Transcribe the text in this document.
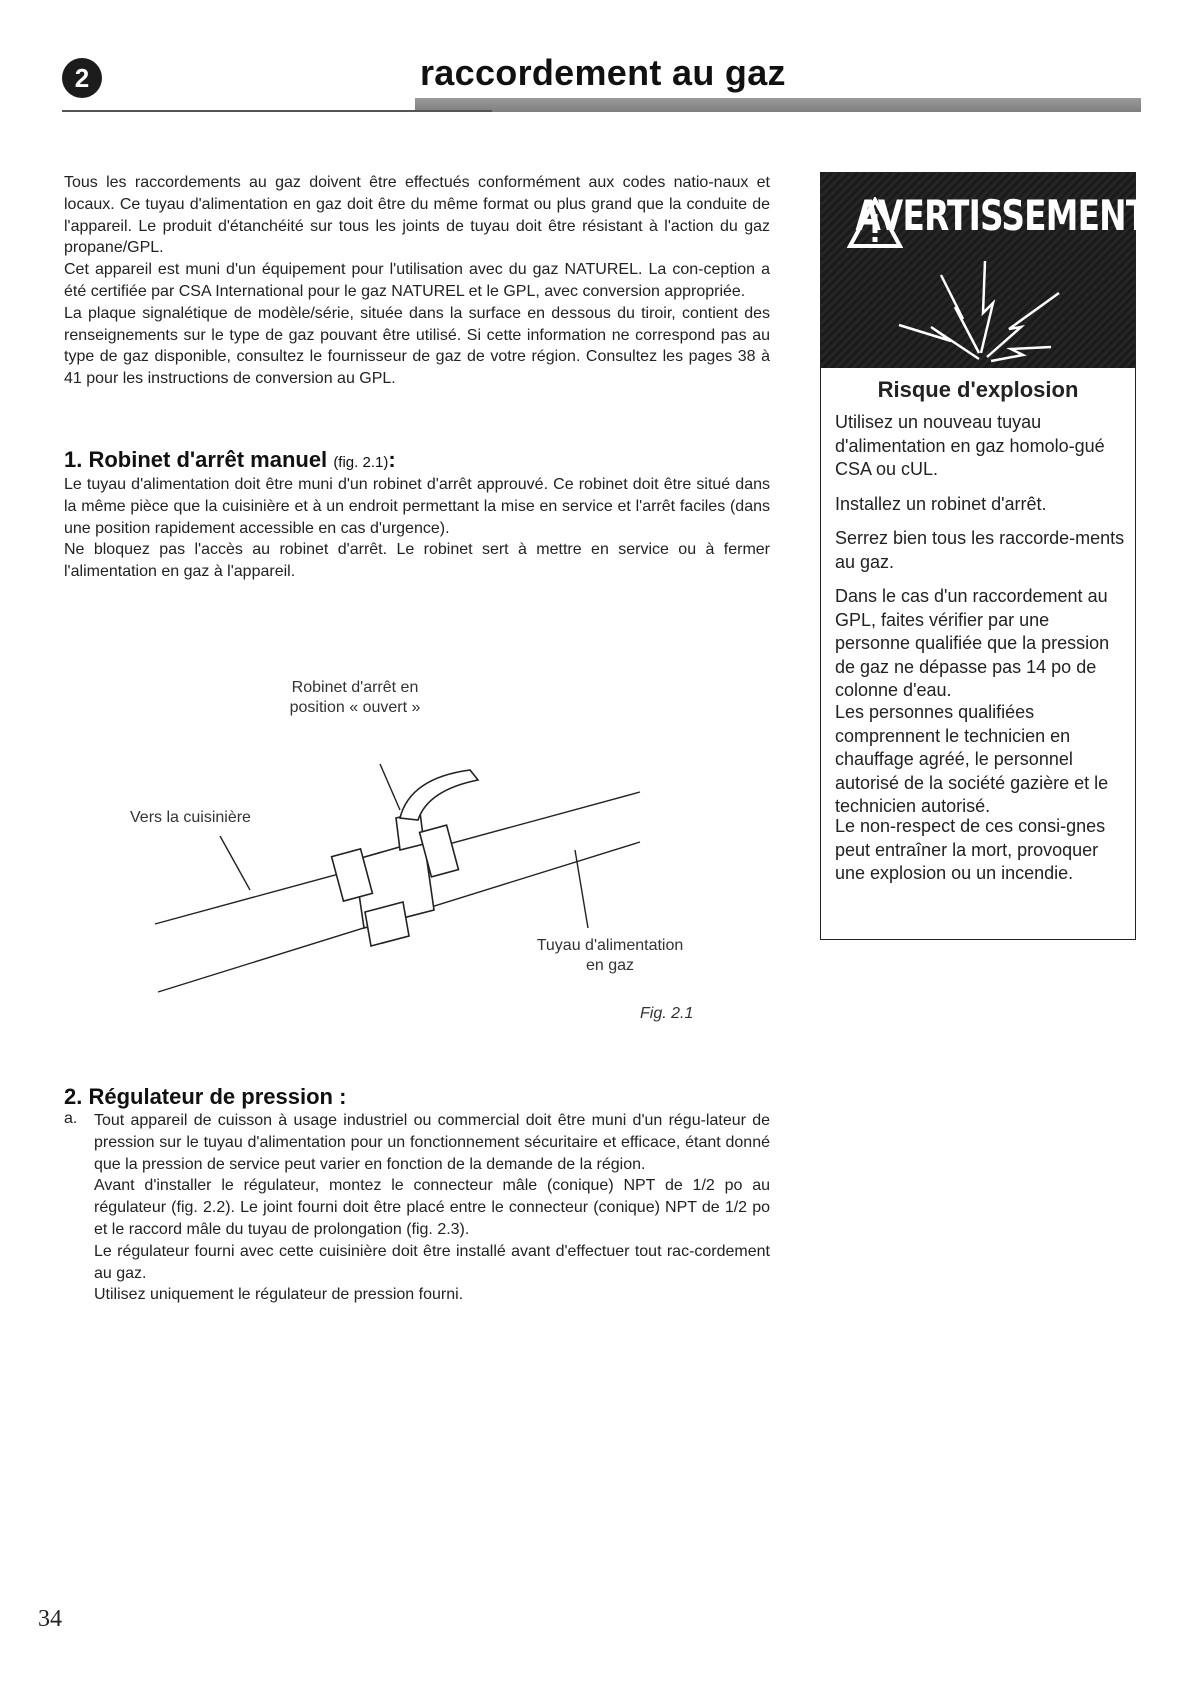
2	raccordement au gaz

Tous les raccordements au gaz doivent être effectués conformément aux codes natio-naux et locaux. Ce tuyau d'alimentation en gaz doit être du même format ou plus grand que la conduite de l'appareil. Le produit d'étanchéité sur tous les joints de tuyau doit être résistant à l'action du gaz propane/GPL.

Cet appareil est muni d'un équipement pour l'utilisation avec du gaz NATUREL. La con-ception a été certifiée par CSA International pour le gaz NATUREL et le GPL, avec conversion appropriée.

La plaque signalétique de modèle/série, située dans la surface en dessous du tiroir, contient des renseignements sur le type de gaz pouvant être utilisé. Si cette information ne correspond pas au type de gaz disponible, consultez le fournisseur de gaz de votre région. Consultez les pages 38 à 41 pour les instructions de conversion au GPL.

1. Robinet d'arrêt manuel (fig. 2.1):

Le tuyau d'alimentation doit être muni d'un robinet d'arrêt approuvé. Ce robinet doit être situé dans la même pièce que la cuisinière et à un endroit permettant la mise en service et l'arrêt faciles (dans une position rapidement accessible en cas d'urgence).

Ne bloquez pas l'accès au robinet d'arrêt. Le robinet sert à mettre en service ou à fermer l'alimentation en gaz à l'appareil.

AVERTISSEMENT
Risque d'explosion
Utilisez un nouveau tuyau d'alimentation en gaz homolo-gué CSA ou cUL.
Installez un robinet d'arrêt.
Serrez bien tous les raccorde-ments au gaz.
Dans le cas d'un raccordement au GPL, faites vérifier par une personne qualifiée que la pression de gaz ne dépasse pas 14 po de colonne d'eau.
Les personnes qualifiées comprennent le technicien en chauffage agréé, le personnel autorisé de la société gazière et le technicien autorisé.
Le non-respect de ces consi-gnes peut entraîner la mort, provoquer une explosion ou un incendie.
Robinet d'arrêt en
position « ouvert »
Vers la cuisinière
Tuyau d'alimentation
en gaz
Fig. 2.1
2. Régulateur de pression :
a. Tout appareil de cuisson à usage industriel ou commercial doit être muni d'un régu-lateur de pression sur le tuyau d'alimentation pour un fonctionnement sécuritaire et efficace, étant donné que la pression de service peut varier en fonction de la demande de la région.

Avant d'installer le régulateur, montez le connecteur mâle (conique) NPT de 1/2 po au régulateur (fig. 2.2). Le joint fourni doit être placé entre le connecteur (conique) NPT de 1/2 po et le raccord mâle du tuyau de prolongation (fig. 2.3).

Le régulateur fourni avec cette cuisinière doit être installé avant d'effectuer tout rac-cordement au gaz.

Utilisez uniquement le régulateur de pression fourni.

34
